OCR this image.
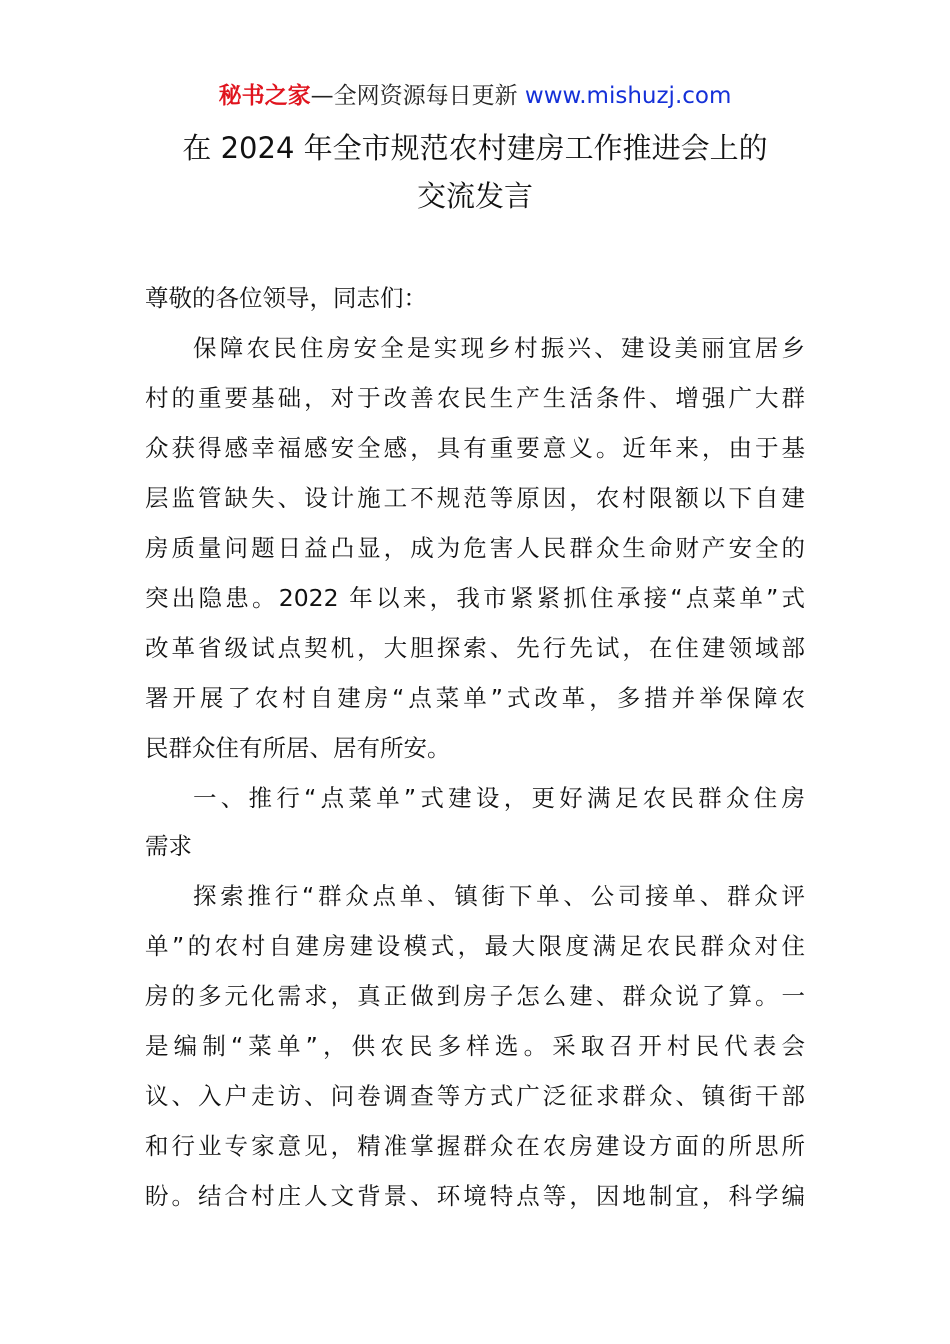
秘书之家—全网资源每日更新 www.mishuzj.com
在 2024 年全市规范农村建房工作推进会上的
交流发言
尊敬的各位领导，同志们：
保障农民住房安全是实现乡村振兴、建设美丽宜居乡
村的重要基础，对于改善农民生产生活条件、增强广大群
众获得感幸福感安全感，具有重要意义。近年来，由于基
层监管缺失、设计施工不规范等原因，农村限额以下自建
房质量问题日益凸显，成为危害人民群众生命财产安全的
突出隐患。2022 年以来，我市紧紧抓住承接“点菜单”式
改革省级试点契机，大胆探索、先行先试，在住建领域部
署开展了农村自建房“点菜单”式改革，多措并举保障农
民群众住有所居、居有所安。
一、推行“点菜单”式建设，更好满足农民群众住房
需求
探索推行“群众点单、镇街下单、公司接单、群众评
单”的农村自建房建设模式，最大限度满足农民群众对住
房的多元化需求，真正做到房子怎么建、群众说了算。一
是编制“菜单”，供农民多样选。采取召开村民代表会
议、入户走访、问卷调查等方式广泛征求群众、镇街干部
和行业专家意见，精准掌握群众在农房建设方面的所思所
盼。结合村庄人文背景、环境特点等，因地制宜，科学编
